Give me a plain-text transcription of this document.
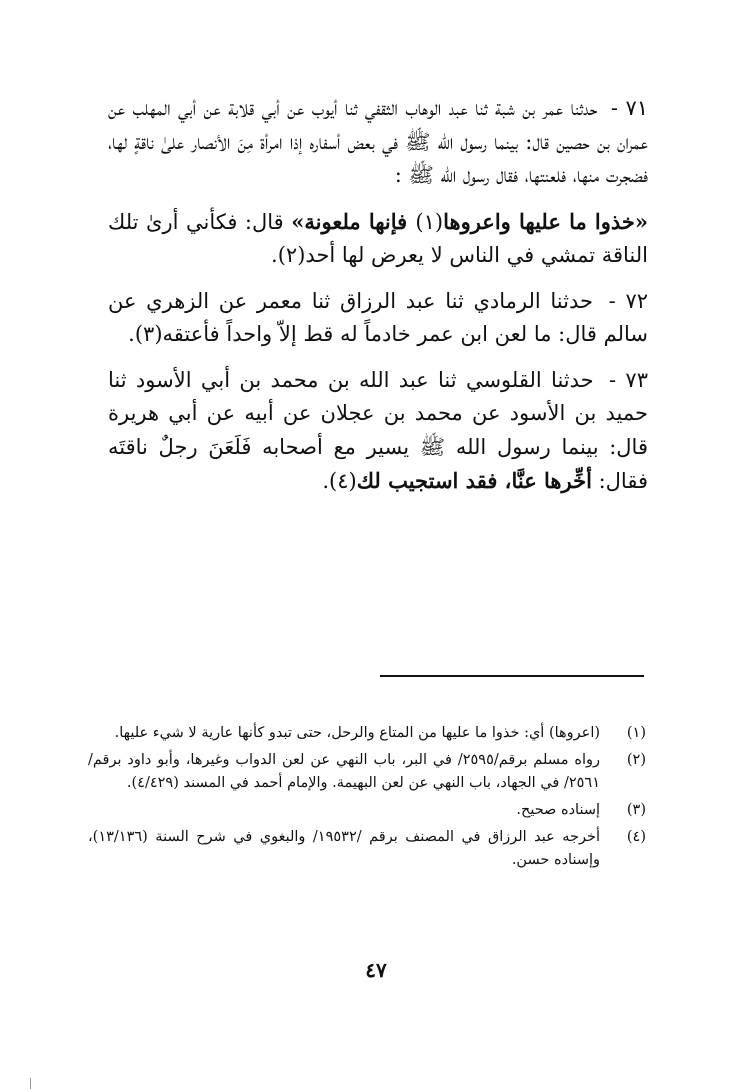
٧١ - حدثنا عمر بن شبة ثنا عبد الوهاب الثقفي ثنا أيوب عن أبي قلابة عن أبي المهلب عن عمران بن حصين قال: بينما رسول الله ﷺ في بعض أسفاره إذا امرأة مِنَ الأنصار علىٰ ناقةٍ لها، فضجرت منها، فلعنتها، فقال رسول الله ﷺ :

«خذوا ما عليها واعروها(١) فإنها ملعونة» قال: فكأني أرىٰ تلك الناقة تمشي في الناس لا يعرض لها أحد(٢).

٧٢ - حدثنا الرمادي ثنا عبد الرزاق ثنا معمر عن الزهري عن سالم قال: ما لعن ابن عمر خادماً له قط إلاّ واحداً فأعتقه(٣).

٧٣ - حدثنا القلوسي ثنا عبد الله بن محمد بن أبي الأسود ثنا حميد بن الأسود عن محمد بن عجلان عن أبيه عن أبي هريرة قال: بينما رسول الله ﷺ يسير مع أصحابه فَلَعَنَ رجلٌ ناقتَه فقال: أخِّرها عنَّا، فقد استجيب لك(٤).

(١)
(اعروها) أي: خذوا ما عليها من المتاع والرحل، حتى تبدو كأنها عارية لا شيء عليها.
(٢)
رواه مسلم برقم/٢٥٩٥/ في البر، باب النهي عن لعن الدواب وغيرها، وأبو داود برقم/٢٥٦١/ في الجهاد، باب النهي عن لعن البهيمة. والإمام أحمد في المسند (٤/٤٢٩).
(٣)
إسناده صحيح.
(٤)
أخرجه عبد الرزاق في المصنف برقم /١٩٥٣٢/ والبغوي في شرح السنة (١٣/١٣٦)، وإسناده حسن.
٤٧
